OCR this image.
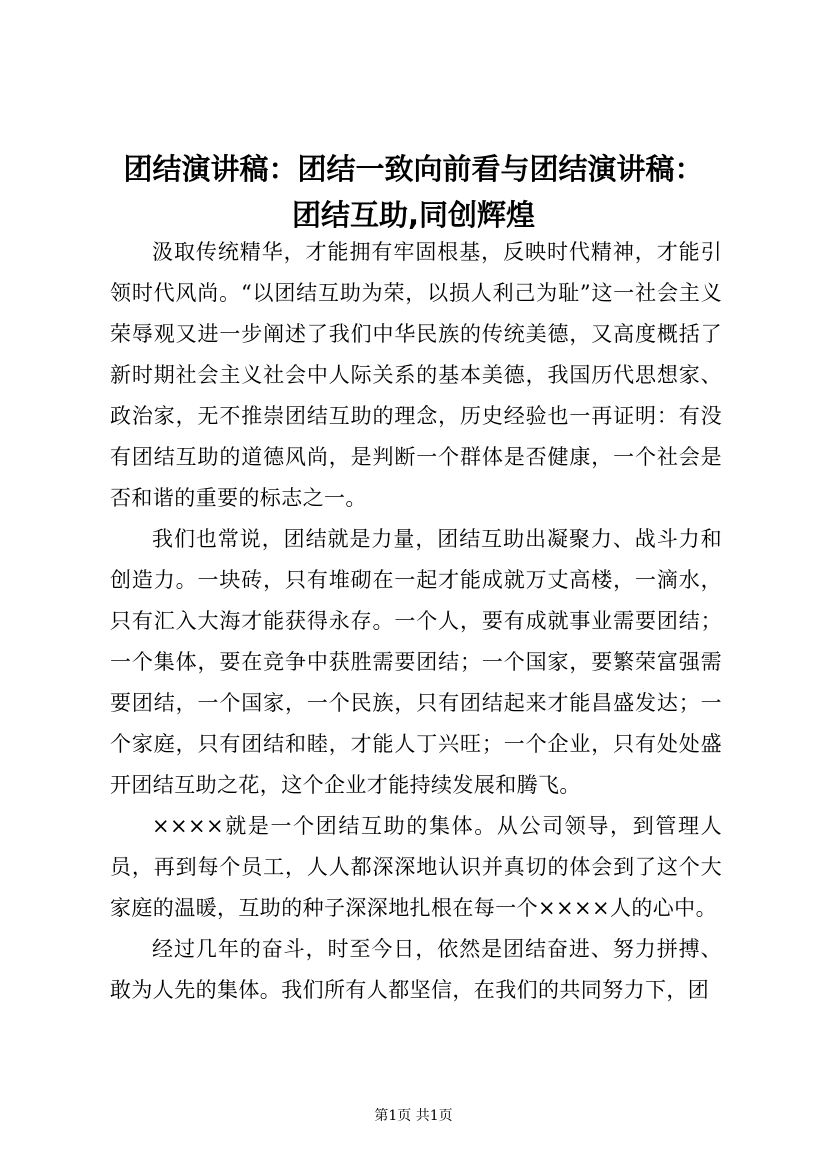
团结演讲稿：团结一致向前看与团结演讲稿：
团结互助,同创辉煌

汲取传统精华，才能拥有牢固根基，反映时代精神，才能引领时代风尚。“以团结互助为荣，以损人利己为耻”这一社会主义荣辱观又进一步阐述了我们中华民族的传统美德，又高度概括了新时期社会主义社会中人际关系的基本美德，我国历代思想家、政治家，无不推崇团结互助的理念，历史经验也一再证明：有没有团结互助的道德风尚，是判断一个群体是否健康，一个社会是否和谐的重要的标志之一。

我们也常说，团结就是力量，团结互助出凝聚力、战斗力和创造力。一块砖，只有堆砌在一起才能成就万丈高楼，一滴水，只有汇入大海才能获得永存。一个人，要有成就事业需要团结；一个集体，要在竞争中获胜需要团结；一个国家，要繁荣富强需要团结，一个国家，一个民族，只有团结起来才能昌盛发达；一个家庭，只有团结和睦，才能人丁兴旺；一个企业，只有处处盛开团结互助之花，这个企业才能持续发展和腾飞。

××××就是一个团结互助的集体。从公司领导，到管理人员，再到每个员工，人人都深深地认识并真切的体会到了这个大家庭的温暖，互助的种子深深地扎根在每一个××××人的心中。

经过几年的奋斗，时至今日，依然是团结奋进、努力拼搏、敢为人先的集体。我们所有人都坚信，在我们的共同努力下，团

第1页 共1页
